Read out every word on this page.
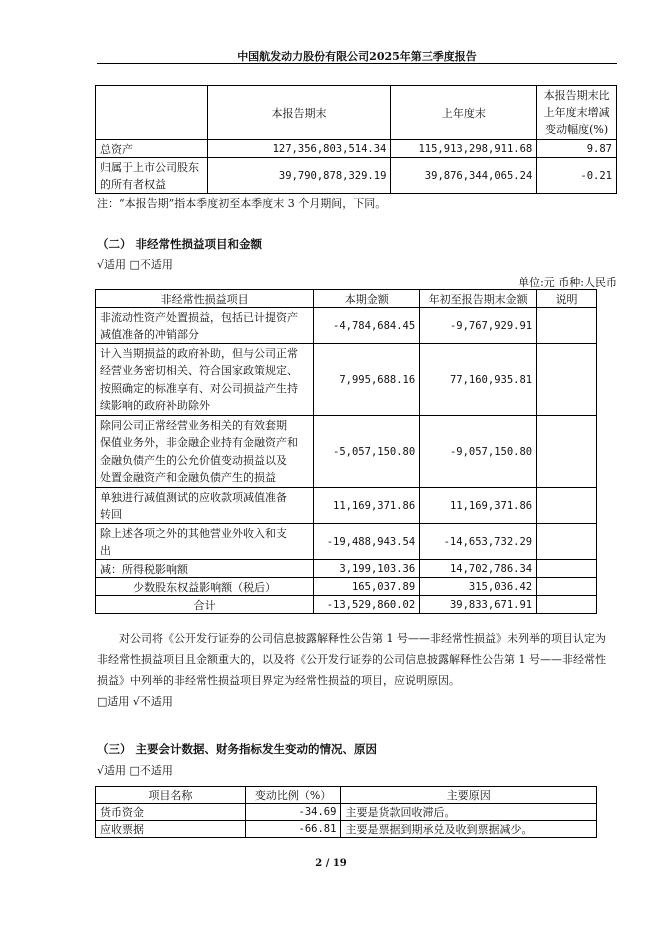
中国航发动力股份有限公司2025年第三季度报告
	本报告期末	上年度末	本报告期末比
上年度末增减
变动幅度(%)

总资产	127,356,803,514.34	115,913,298,911.68	9.87

归属于上市公司股东
的所有者权益	39,790,878,329.19	39,876,344,065.24	-0.21
注：“本报告期”指本季度初至本季度末 3 个月期间，下同。
（二） 非经常性损益项目和金额
√适用 □不适用
单位:元 币种:人民币
非经常性损益项目	本期金额	年初至报告期末金额	说明

非流动性资产处置损益，包括已计提资产
减值准备的冲销部分	-4,784,684.45	-9,767,929.91	

计入当期损益的政府补助，但与公司正常
经营业务密切相关、符合国家政策规定、
按照确定的标准享有、对公司损益产生持
续影响的政府补助除外	7,995,688.16	77,160,935.81	

除同公司正常经营业务相关的有效套期
保值业务外，非金融企业持有金融资产和
金融负债产生的公允价值变动损益以及
处置金融资产和金融负债产生的损益	-5,057,150.80	-9,057,150.80	

单独进行减值测试的应收款项减值准备
转回	11,169,371.86	11,169,371.86	

除上述各项之外的其他营业外收入和支
出	-19,488,943.54	-14,653,732.29	
减：所得税影响额	3,199,103.36	14,702,786.34	
少数股东权益影响额（税后）	165,037.89	315,036.42	
合计	-13,529,860.02	39,833,671.91	
对公司将《公开发行证券的公司信息披露解释性公告第 1 号——非经常性损益》未列举的项目认定为非经常性损益项目且金额重大的，以及将《公开发行证券的公司信息披露解释性公告第 1 号——非经常性损益》中列举的非经常性损益项目界定为经常性损益的项目，应说明原因。
□适用 √不适用
（三） 主要会计数据、财务指标发生变动的情况、原因
√适用 □不适用
项目名称	变动比例（%）	主要原因
货币资金	-34.69	主要是货款回收滞后。
应收票据	-66.81	主要是票据到期承兑及收到票据减少。
2 / 19
